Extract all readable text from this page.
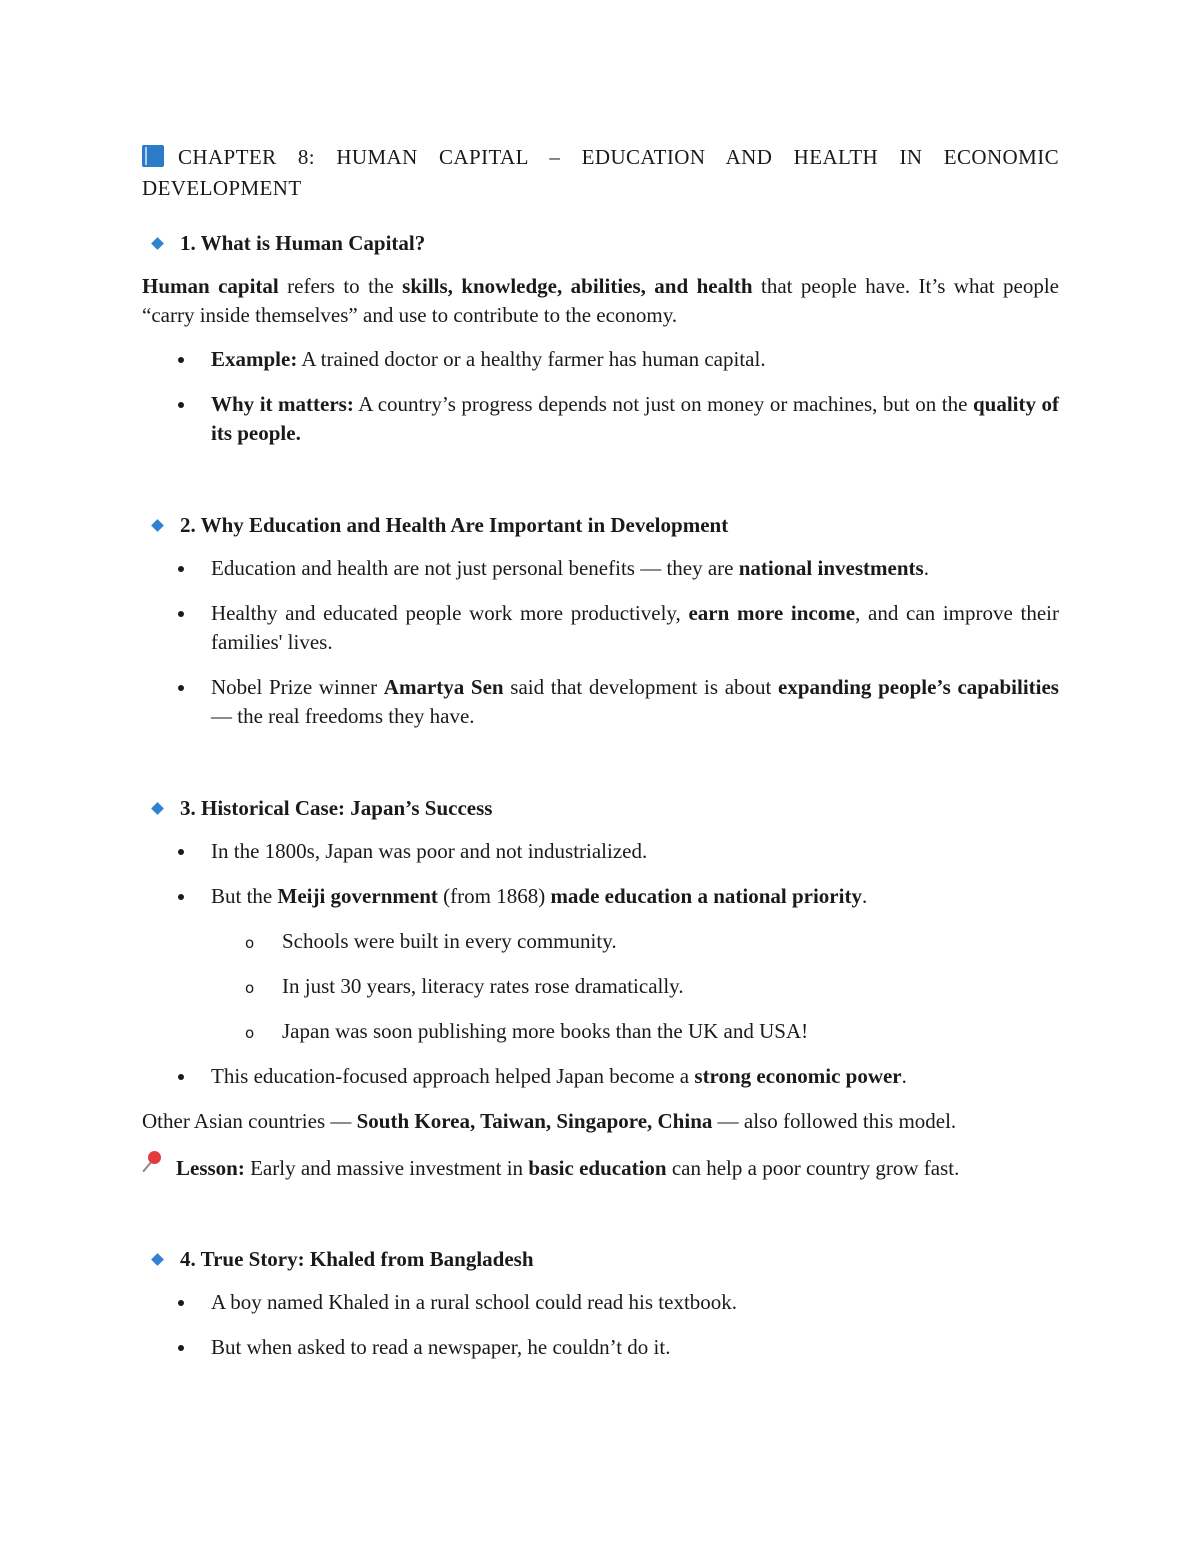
CHAPTER 8: HUMAN CAPITAL – EDUCATION AND HEALTH IN ECONOMIC DEVELOPMENT
1. What is Human Capital?

Human capital refers to the skills, knowledge, abilities, and health that people have. It’s what people “carry inside themselves” and use to contribute to the economy.

Example: A trained doctor or a healthy farmer has human capital.
Why it matters: A country’s progress depends not just on money or machines, but on the quality of its people.
2. Why Education and Health Are Important in Development
Education and health are not just personal benefits — they are national investments.
Healthy and educated people work more productively, earn more income, and can improve their families' lives.
Nobel Prize winner Amartya Sen said that development is about expanding people’s capabilities — the real freedoms they have.
3. Historical Case: Japan’s Success
In the 1800s, Japan was poor and not industrialized.
But the Meiji government (from 1868) made education a national priority.
o Schools were built in every community.
o In just 30 years, literacy rates rose dramatically.
o Japan was soon publishing more books than the UK and USA!
This education-focused approach helped Japan become a strong economic power.

Other Asian countries — South Korea, Taiwan, Singapore, China — also followed this model.

Lesson: Early and massive investment in basic education can help a poor country grow fast.

4. True Story: Khaled from Bangladesh
A boy named Khaled in a rural school could read his textbook.
But when asked to read a newspaper, he couldn’t do it.
